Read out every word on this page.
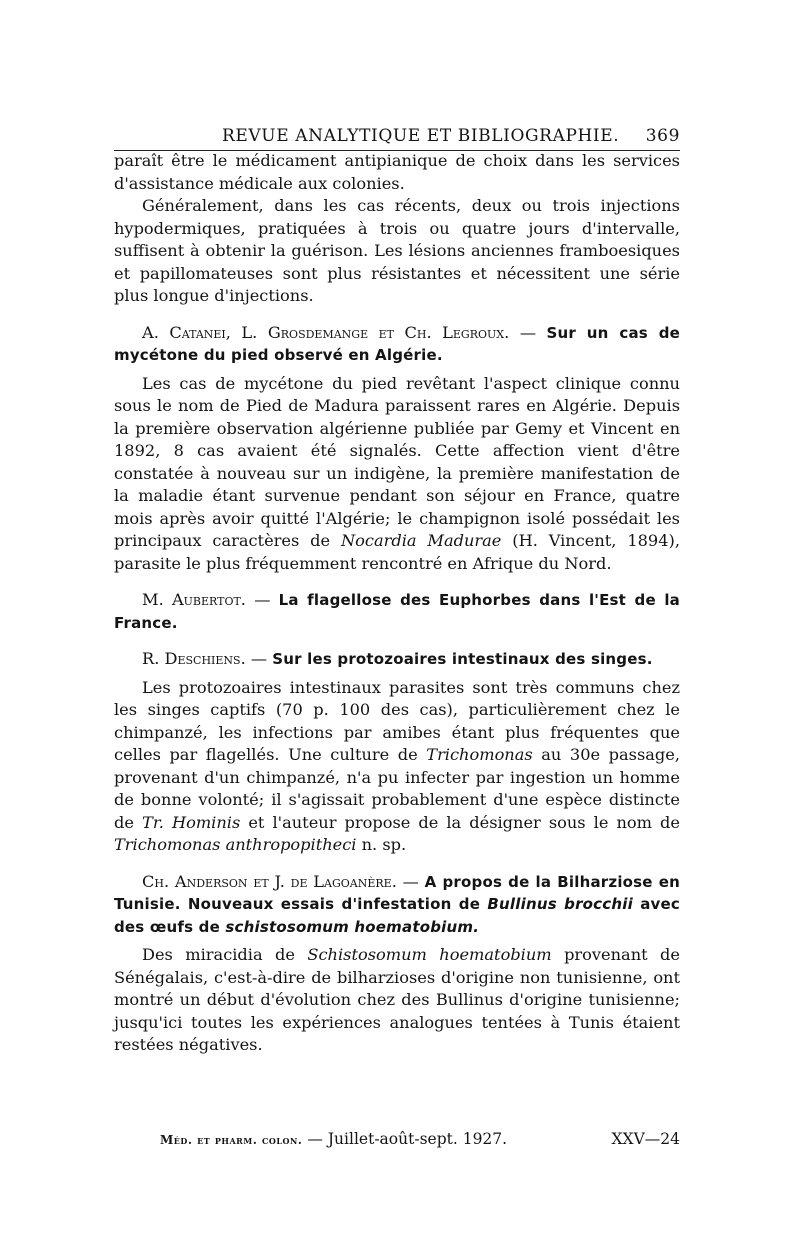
REVUE ANALYTIQUE ET BIBLIOGRAPHIE. 369

paraît être le médicament antipianique de choix dans les services d'assistance médicale aux colonies.

Généralement, dans les cas récents, deux ou trois injections hypodermiques, pratiquées à trois ou quatre jours d'intervalle, suffisent à obtenir la guérison. Les lésions anciennes framboesiques et papillomateuses sont plus résistantes et nécessitent une série plus longue d'injections.

A. Catanei, L. Grosdemange et Ch. Legroux. — Sur un cas de mycétone du pied observé en Algérie.

Les cas de mycétone du pied revêtant l'aspect clinique connu sous le nom de Pied de Madura paraissent rares en Algérie. Depuis la première observation algérienne publiée par Gemy et Vincent en 1892, 8 cas avaient été signalés. Cette affection vient d'être constatée à nouveau sur un indigène, la première manifestation de la maladie étant survenue pendant son séjour en France, quatre mois après avoir quitté l'Algérie; le champignon isolé possédait les principaux caractères de Nocardia Madurae (H. Vincent, 1894), parasite le plus fréquemment rencontré en Afrique du Nord.

M. Aubertot. — La flagellose des Euphorbes dans l'Est de la France.

R. Deschiens. — Sur les protozoaires intestinaux des singes.

Les protozoaires intestinaux parasites sont très communs chez les singes captifs (70 p. 100 des cas), particulièrement chez le chimpanzé, les infections par amibes étant plus fréquentes que celles par flagellés. Une culture de Trichomonas au 30e passage, provenant d'un chimpanzé, n'a pu infecter par ingestion un homme de bonne volonté; il s'agissait probablement d'une espèce distincte de Tr. Hominis et l'auteur propose de la désigner sous le nom de Trichomonas anthropopitheci n. sp.

Ch. Anderson et J. de Lagoanère. — A propos de la Bilharziose en Tunisie. Nouveaux essais d'infestation de Bullinus brocchii avec des œufs de schistosomum hoematobium.

Des miracidia de Schistosomum hoematobium provenant de Sénégalais, c'est-à-dire de bilharzioses d'origine non tunisienne, ont montré un début d'évolution chez des Bullinus d'origine tunisienne; jusqu'ici toutes les expériences analogues tentées à Tunis étaient restées négatives.

Méd. et pharm. colon. — Juillet-août-sept. 1927.	XXV—24
